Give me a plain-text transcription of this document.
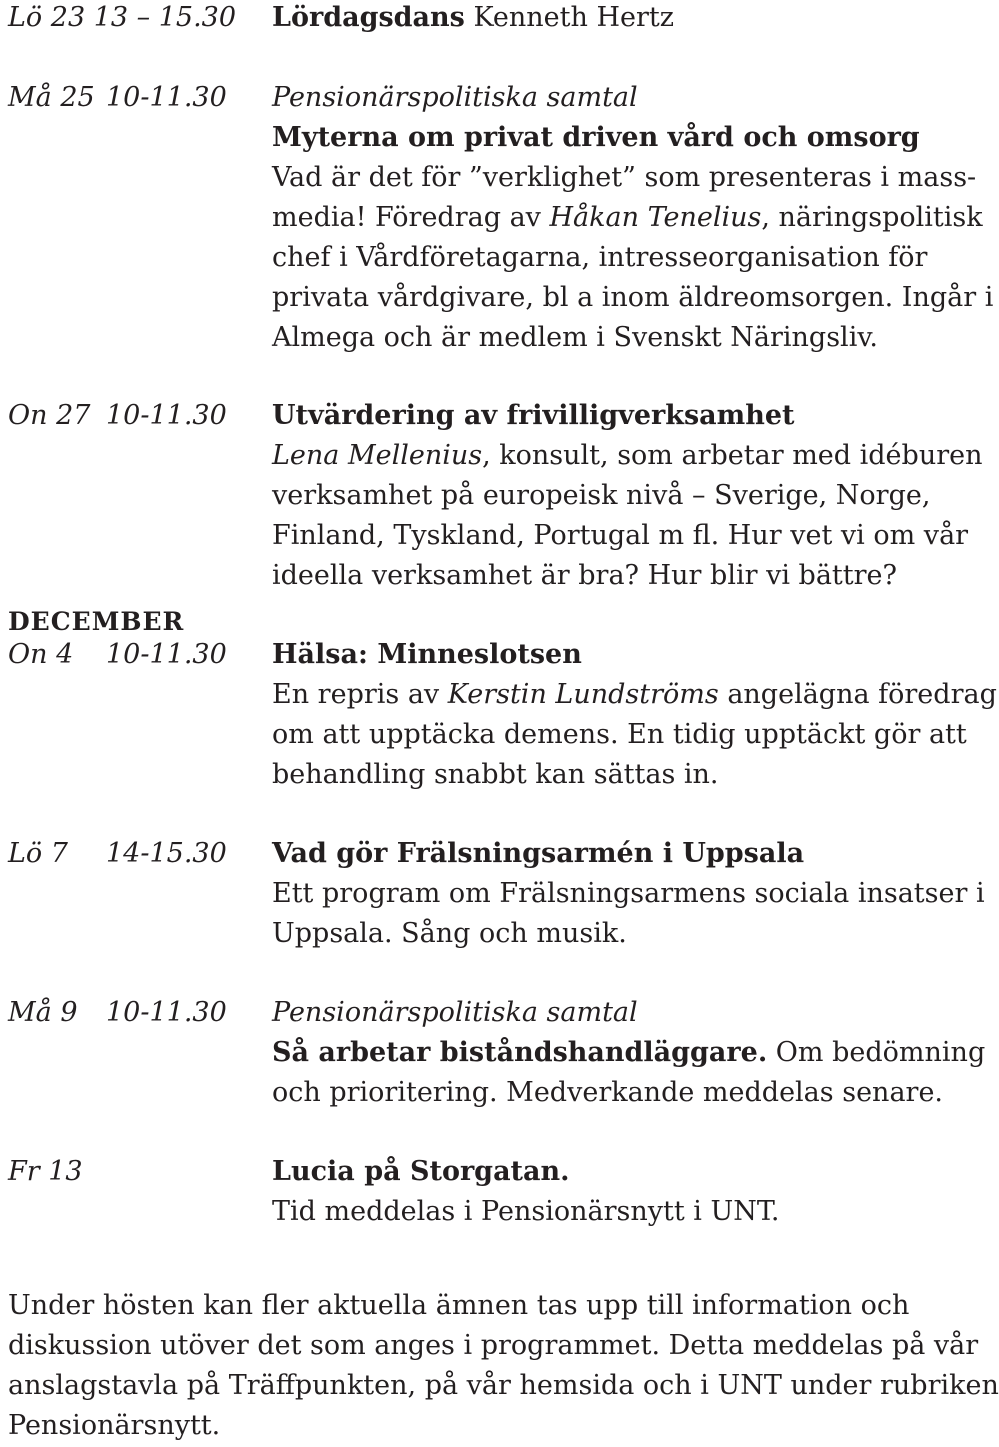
Lö 23 13 – 15.30 Lördagsdans Kenneth Hertz
Må 25 10-11.30 Pensionärspolitiska samtal
Myterna om privat driven vård och omsorg
Vad är det för ”verklighet” som presenteras i mass-
media! Föredrag av Håkan Tenelius, näringspolitisk
chef i Vårdföretagarna, intresseorganisation för
privata vårdgivare, bl a inom äldreomsorgen. Ingår i
Almega och är medlem i Svenskt Näringsliv.
On 27 10-11.30 Utvärdering av frivilligverksamhet
Lena Mellenius, konsult, som arbetar med idéburen
verksamhet på europeisk nivå – Sverige, Norge,
Finland, Tyskland, Portugal m fl. Hur vet vi om vår
ideella verksamhet är bra? Hur blir vi bättre?
DECEMBER
On 4 10-11.30 Hälsa: Minneslotsen
En repris av Kerstin Lundströms angelägna föredrag
om att upptäcka demens. En tidig upptäckt gör att
behandling snabbt kan sättas in.
Lö 7 14-15.30 Vad gör Frälsningsarmén i Uppsala
Ett program om Frälsningsarmens sociala insatser i
Uppsala. Sång och musik.
Må 9 10-11.30 Pensionärspolitiska samtal
Så arbetar biståndshandläggare. Om bedömning
och prioritering. Medverkande meddelas senare.
Fr 13	Lucia på Storgatan.
Tid meddelas i Pensionärsnytt i UNT.
Under hösten kan fler aktuella ämnen tas upp till information och
diskussion utöver det som anges i programmet. Detta meddelas på vår
anslagstavla på Träffpunkten, på vår hemsida och i UNT under rubriken
Pensionärsnytt.
